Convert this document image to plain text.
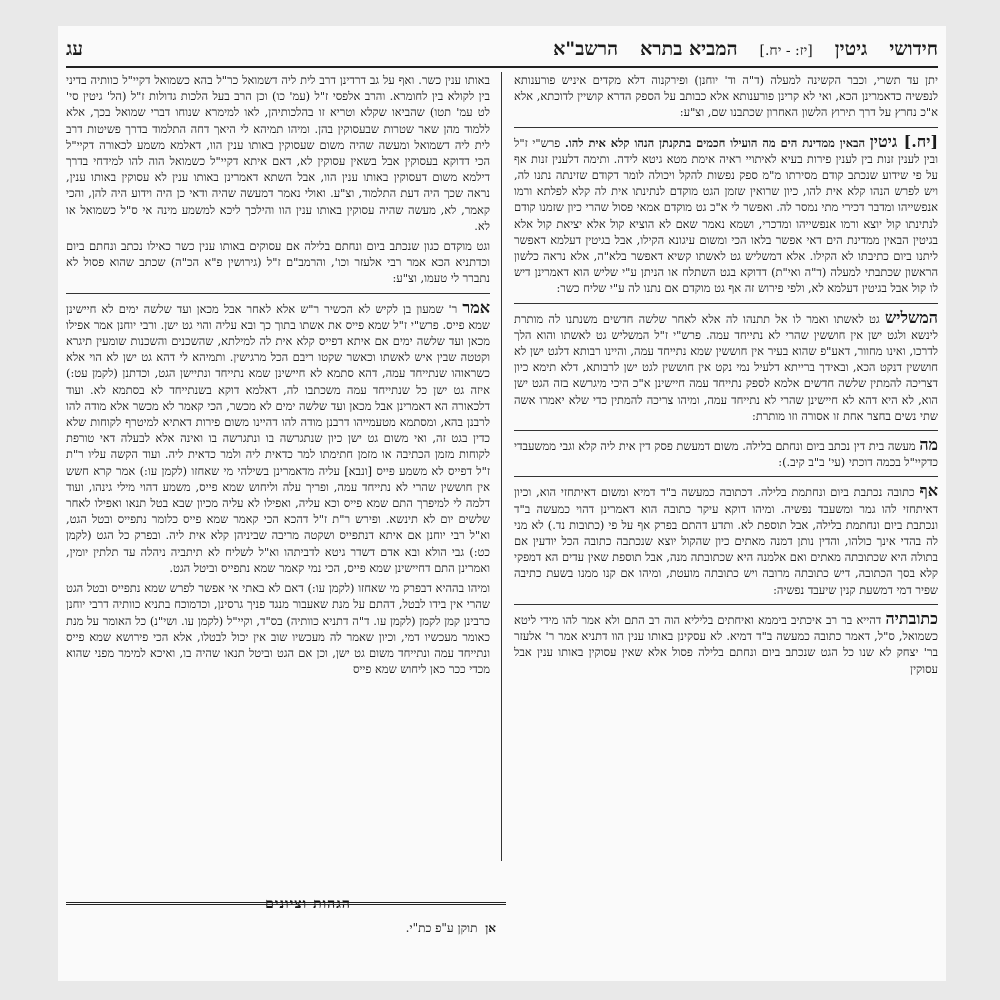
חידושי
גיטין
[יז: - יח.]
המביא בתרא
הרשב"א
עג

יתן עד תשרי, וכבר הקשינה למעלה (ד"ה וד' יוחנן) ופירקנוה דלא מקדים איניש פורענותא לנפשיה כדאמרינן הכא, ואי לא קרינן פורענותא אלא כבותב על הספק הדרא קושיין לדוכתא, אלא א"כ נחרץ על דרך תירוץ הלשון האחרון שכתבנו שם, וצ"ע:

[יח.] גיטין הבאין ממדינת הים מה הועילו חכמים בתקנתן הנהו קלא אית להו. פרש"י ז"ל ובין לענין זנות בין לענין פירות בעיא לאיתויי ראיה אימת מטא גיטא לידה. ותימה דלענין זנות אף על פי שידוע שנכתב קודם מסירתו מ"מ ספק נפשות להקל ויכולה לומר דקודם שזינתה נתנו לה, ויש לפרש הנהו קלא אית להו, כיון שרואין שזמן הגט מוקדם לנתינתו אית לה קלא לפלתא ורמו אנפשייהו ומדבר דכירי מתי נמסר לה. ואפשר לי א"כ גט מוקדם אמאי פסול שהרי כיון שזמנו קודם לנתינתו קול יוצא ורמו אנפשייהו ומדכרי, ושמא נאמר שאם לא הוציא קול אלא יציאת קול אלא בגיטין הבאין ממדינת הים דאי אפשר בלאו הכי ומשום עיגונא הקילו, אבל בגיטין דעלמא דאפשר ליתנו ביום כתיבתו לא הקילו. אלא דמשליש גט לאשתו קשיא דאפשר בלא"ה, אלא נראה כלשון הראשון שכתבתי למעלה (ד"ה ואי"ת) דדוקא בגט השתלח או הניתן ע"י שליש הוא דאמרינן דיש לו קול אבל בגיטין דעלמא לא, ולפי פירוש זה אף גט מוקדם אם נתנו לה ע"י שליח כשר:

המשליש גט לאשתו ואמר לו אל תתנהו לה אלא לאחר שלשה חדשים משנתנו לה מותרת לינשא ולגט ישן אין חוששין שהרי לא נתייחד עמה. פרש"י ז"ל המשליש גט לאשתו והוא הלך לדרכו, ואינו מחוור, דאע"פ שהוא בעיר אין חוששין שמא נתייחד עמה, והיינו רבותא דלגט ישן לא חוששין דנקט הכא, ובאידך ברייתא דלעיל נמי נקט אין חוששין לגט ישן לרבותא, דלא תימא כיון דצריכה להמתין שלשה חדשים אלמא לספק נתייחד עמה חיישינן א"כ היכי מיגרשא בזה הגט ישן הוא, לא היא דהא לא חיישינן שהרי לא נתייחד עמה, ומיהו צריכה להמתין כדי שלא יאמרו אשה שתי נשים בחצר אחת זו אסורה וזו מותרת:

מה מעשה בית דין נכתב ביום ונחתם בלילה. משום דמעשת פסק דין אית ליה קלא וגבי ממשעבדי כדקיי"ל בכמה דוכתי (עי' ב"ב קיב.):

אף כתובה נכתבת ביום ונחתמת בלילה. דכתובה כמעשה ב"ד דמיא ומשום דאיתחזי הוא, וכיון דאיתחזי להו גמר ומשעבד נפשיה. ומיהו דוקא עיקר כתובה הוא דאמרינן דהוי כמעשה ב"ד ונכתבת ביום ונחתמת בלילה, אבל תוספת לא. ותדע דהתם בפרק אף על פי (כתובות נד.) לא מני לה בהדי אינך כולהו, והדין נותן דמנה מאתים כיון שהקול יוצא שנכתבה כתובה הכל יודעין אם בתולה היא שכתובתה מאתים ואם אלמנה היא שכתובתה מנה, אבל תוספת שאין עדים הא דמפקי קלא בסך הכתובה, דיש כתובתה מרובה ויש כתובתה מועטת, ומיהו אם קנו ממנו בשעת כתיבה שפיר דמי דמשעת קנין שיעבד נפשיה:

כתובתיה דהייא בר רב איכתיב ביממא ואיחתים בליליא הוה רב התם ולא אמר להו מידי ליטא כשמואל, ס"ל, דאמר כתובה כמעשה ב"ד דמיא. לא עסקינן באותו ענין הוו דתניא אמר ר' אלעזר בר' יצחק לא שנו כל הגט שנכתב ביום ונחתם בלילה פסול אלא שאין עסוקין באותו ענין אבל עסוקין

באותו ענין כשר. ואף על גב דרדינן דרב לית ליה דשמואל כר"ל בהא כשמואל דקיי"ל כוותיה בדיני בין לקולא בין לחומרא. והרב אלפסי ז"ל (עמ' כו) וכן הרב בעל הלכות גדולות ז"ל (הל' גיטין סי' לט עמ' תטו) שהביאו שקלא וטריא זו בהלכותיהן, לאו למימרא שנוחו דברי שמואל בכך, אלא ללמוד מהן שאר שטרות שבעסוקין בהן. ומיהו תמיהא לי היאך דחה התלמוד בדרך פשיטות דרב לית ליה דשמואל ומעשה שהיה משום שעסוקין באותו ענין הוו, דאלמא משמע לכאורה דקיי"ל הכי דדוקא בעסוקין אבל בשאין עסוקין לא, דאם איתא דקיי"ל כשמואל הוה להו למידחי בדרך דילמא משום דעסוקין באותו ענין הוו, אבל השתא דאמרינן באותו ענין לא עסוקין באותו ענין, נראה שכך היה דעת התלמוד, וצ"ע. ואולי נאמר דמעשה שהיה ודאי כן היה וידוע היה להן, והכי קאמר, לא, מעשה שהיה עסוקין באותו ענין הוו והילכך ליכא למשמע מינה אי ס"ל כשמואל או לא.

וגט מוקדם כגון שנכתב ביום ונחתם בלילה אם עסוקים באותו ענין כשר כאילו נכתב ונחתם ביום וכדתניא הכא אמר רבי אלעזר וכו', והרמב"ם ז"ל (גירושין פ"א הכ"ה) שכתב שהוא פסול לא נתברר לי טעמו, וצ"ע:

אמר ר' שמעון בן לקיש לא הכשיר ר"ש אלא לאחר אבל מכאן ועד שלשה ימים לא חיישינן שמא פייס. פרש"י ז"ל שמא פייס את אשתו בתוך כך ובא עליה והוי גט ישן. ורבי יוחנן אמר אפילו מכאן ועד שלשה ימים אם איתא דפייס קלא אית לה למילתא, שהשכנים והשכנות שומעין תיגרא וקטטה שבין איש לאשתו וכאשר שקטו ריבם הכל מרגישין. ותמיהא לי דהא גט ישן לא הוי אלא כשראוהו שנתייחד עמה, דהא סתמא לא חיישינן שמא נתייחד ונתיישן הגט, וכדתנן (לקמן עט:) איזה גט ישן כל שנתייחד עמה משכתבו לה, דאלמא דוקא בשנתייחד לא בסתמא לא. ועוד דלכאורה הא דאמרינן אבל מכאן ועד שלשה ימים לא מכשר, הכי קאמר לא מכשר אלא מודה להו לרבנן בהא, ומסתמא מטעמייהו דרבנן מודה להו דהיינו משום פירות דאתיא למיטרף לקוחות שלא כדין בגט זה, ואי משום גט ישן כיון שנתגרשה בו ונתגרשה בו ואינה אלא לבעלה דאי טורפת לקוחות מזמן הכתיבה או מזמן חתימתו למר כדאית ליה ולמר כדאית ליה. ועוד הקשה עליו ר"ת ז"ל דפייס לא משמע פייס [ונבא] עליה מדאמרינן בשילהי מי שאחזו (לקמן עו:) אמר קרא חשש אין חוששין שהרי לא נתייחד עמה, ופריך עלה וליחוש שמא פייס, משמע דהוי מילי גינהו, ועוד דלמה לי למיפרך התם שמא פייס וכא עליה, ואפילו לא עליה מכיון שבא בטל תנאו ואפילו לאחר שלשים יום לא תינשא. ופירש ר"ת ז"ל דהכא הכי קאמר שמא פייס כלומר נתפייס ובטל הגט, וא"ל רבי יוחנן אם איתא דנתפייס ושקטה מריבה שביניהן קלא אית ליה. ובפרק כל הגט (לקמן כט:) גבי הולא ובא אדם דשדר גיטא לדביתהו וא"ל לשליח לא תיתביה ניהלה עד תלתין יומין, ואמרינן התם דחיישינן שמא פייס, הכי נמי קאמר שמא נתפייס וביטל הגט.

ומיהו בההיא דבפרק מי שאחזו (לקמן עו:) דאם לא באתי אי אפשר לפרש שמא נתפייס ובטל הגט שהרי אין בידו לבטל, דהתם על מנת שאעבור מנגד פניך גרסינן, וכדמוכח בתניא כוותיה דרבי יוחנן כרבינן קמן לקמן (לקמן עו. ד"ה דתניא כוותיה) בס"ד, וקיי"ל (לקמן עו. ושי"נ) כל האומר על מנת כאומר מעכשיו דמי, וכיון שאמר לה מעכשיו שוב אין יכול לבטלו, אלא הכי פירושא שמא פייס ונתייחד עמה ונתייחד משום גט ישן, וכן אם הגט וביטל תנאו שהיה בו, ואיכא למימר מפני שהוא מכדי ככר כאן ליחוש שמא פייס

הגהות וציונים
אן תוקן ע"פ כת"י.
